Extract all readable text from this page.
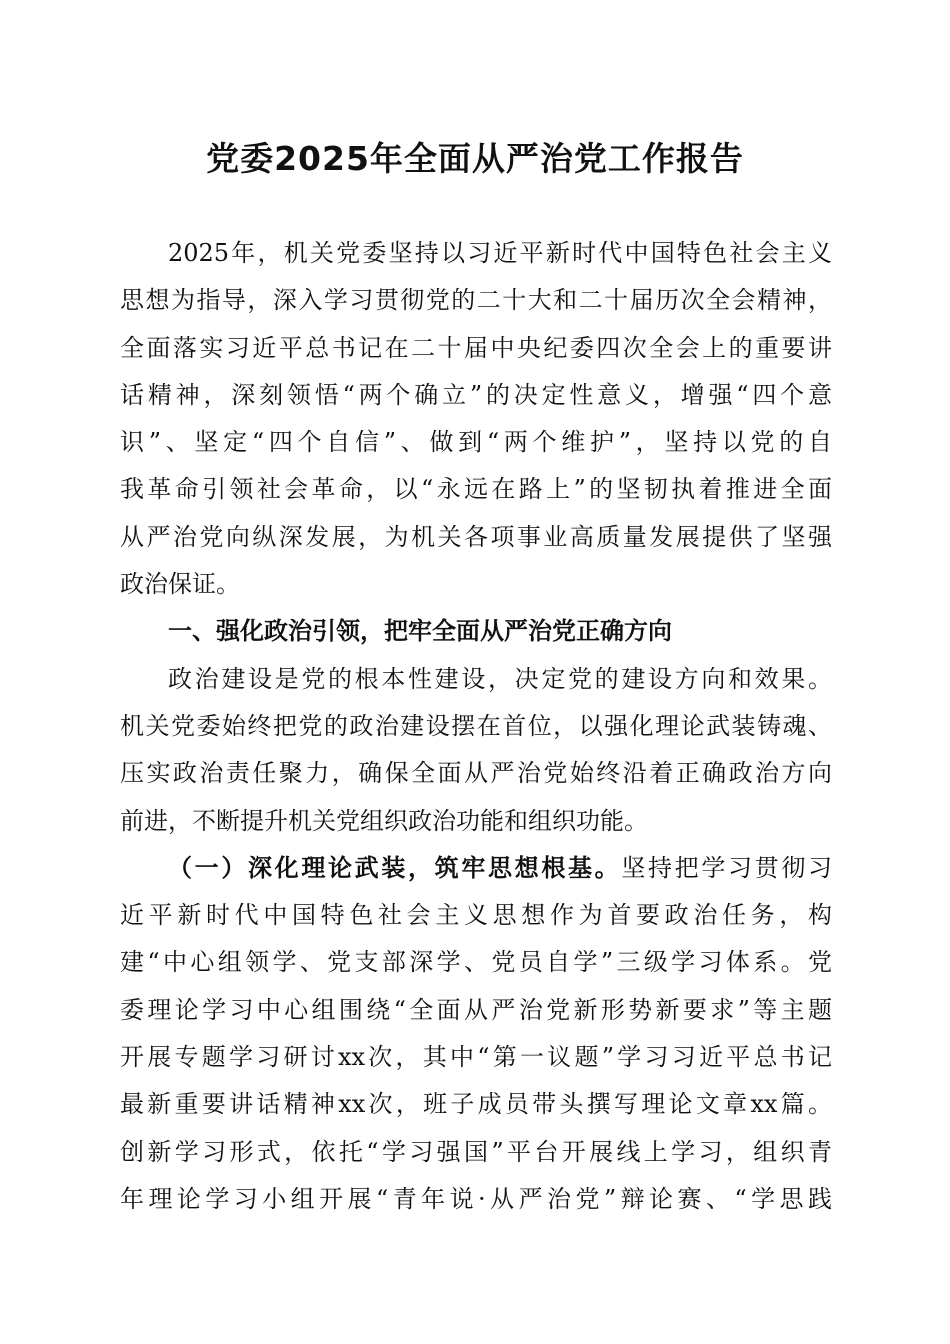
党委2025年全面从严治党工作报告
2025年，机关党委坚持以习近平新时代中国特色社会主义
思想为指导，深入学习贯彻党的二十大和二十届历次全会精神，
全面落实习近平总书记在二十届中央纪委四次全会上的重要讲
话精神，深刻领悟“两个确立”的决定性意义，增强“四个意
识”、坚定“四个自信”、做到“两个维护”，坚持以党的自
我革命引领社会革命，以“永远在路上”的坚韧执着推进全面
从严治党向纵深发展，为机关各项事业高质量发展提供了坚强
政治保证。
一、强化政治引领，把牢全面从严治党正确方向
政治建设是党的根本性建设，决定党的建设方向和效果。
机关党委始终把党的政治建设摆在首位，以强化理论武装铸魂、
压实政治责任聚力，确保全面从严治党始终沿着正确政治方向
前进，不断提升机关党组织政治功能和组织功能。
（一）深化理论武装，筑牢思想根基。坚持把学习贯彻习
近平新时代中国特色社会主义思想作为首要政治任务，构
建“中心组领学、党支部深学、党员自学”三级学习体系。党
委理论学习中心组围绕“全面从严治党新形势新要求”等主题
开展专题学习研讨xx次，其中“第一议题”学习习近平总书记
最新重要讲话精神xx次，班子成员带头撰写理论文章xx篇。
创新学习形式，依托“学习强国”平台开展线上学习，组织青
年理论学习小组开展“青年说·从严治党”辩论赛、“学思践
